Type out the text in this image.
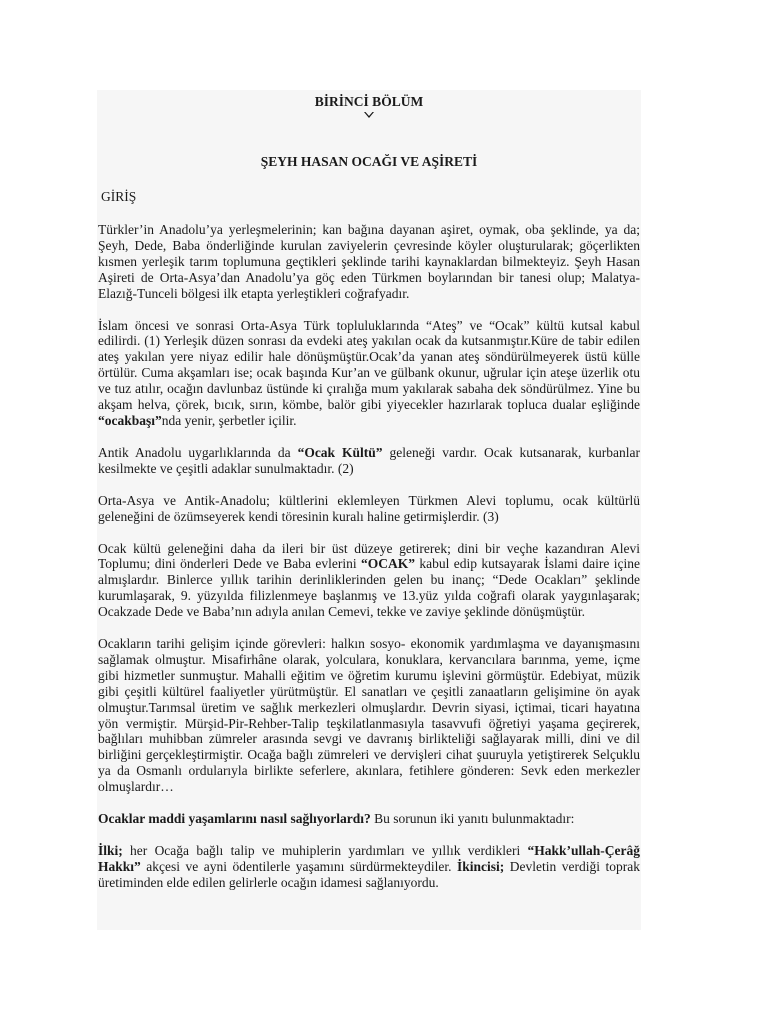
BİRİNCİ BÖLÜM
ŞEYH HASAN OCAĞI VE AŞİRETİ
GİRİŞ

Türkler’in Anadolu’ya yerleşmelerinin; kan bağına dayanan aşiret, oymak, oba şeklinde, ya da; Şeyh, Dede, Baba önderliğinde kurulan zaviyelerin çevresinde köyler oluşturularak; göçerlikten kısmen yerleşik tarım toplumuna geçtikleri şeklinde tarihi kaynaklardan bilmekteyiz. Şeyh Hasan Aşireti de Orta-Asya’dan Anadolu’ya göç eden Türkmen boylarından bir tanesi olup; Malatya-Elazığ-Tunceli bölgesi ilk etapta yerleştikleri coğrafyadır.

İslam öncesi ve sonrasi Orta-Asya Türk topluluklarında “Ateş” ve “Ocak” kültü kutsal kabul edilirdi. (1) Yerleşik düzen sonrası da evdeki ateş yakılan ocak da kutsanmıştır.Küre de tabir edilen ateş yakılan yere niyaz edilir hale dönüşmüştür.Ocak’da yanan ateş söndürülmeyerek üstü külle örtülür. Cuma akşamları ise; ocak başında Kur’an ve gülbank okunur, uğrular için ateşe üzerlik otu ve tuz atılır, ocağın davlunbaz üstünde ki çıralığa mum yakılarak sabaha dek söndürülmez. Yine bu akşam helva, çörek, bıcık, sırın, kömbe, balör gibi yiyecekler hazırlarak topluca dualar eşliğinde “ocakbaşı”nda yenir, şerbetler içilir.

Antik Anadolu uygarlıklarında da “Ocak Kültü” geleneği vardır. Ocak kutsanarak, kurbanlar kesilmekte ve çeşitli adaklar sunulmaktadır. (2)

Orta-Asya ve Antik-Anadolu; kültlerini eklemleyen Türkmen Alevi toplumu, ocak kültürlü geleneğini de özümseyerek kendi töresinin kuralı haline getirmişlerdir. (3)

Ocak kültü geleneğini daha da ileri bir üst düzeye getirerek; dini bir veçhe kazandıran Alevi Toplumu; dini önderleri Dede ve Baba evlerini “OCAK” kabul edip kutsayarak İslami daire içine almışlardır. Binlerce yıllık tarihin derinliklerinden gelen bu inanç; “Dede Ocakları” şeklinde kurumlaşarak, 9. yüzyılda filizlenmeye başlanmış ve 13.yüz yılda coğrafi olarak yaygınlaşarak; Ocakzade Dede ve Baba’nın adıyla anılan Cemevi, tekke ve zaviye şeklinde dönüşmüştür.

Ocakların tarihi gelişim içinde görevleri: halkın sosyo- ekonomik yardımlaşma ve dayanışmasını sağlamak olmuştur. Misafirhâne olarak, yolculara, konuklara, kervancılara barınma, yeme, içme gibi hizmetler sunmuştur. Mahalli eğitim ve öğretim kurumu işlevini görmüştür. Edebiyat, müzik gibi çeşitli kültürel faaliyetler yürütmüştür. El sanatları ve çeşitli zanaatların gelişimine ön ayak olmuştur.Tarımsal üretim ve sağlık merkezleri olmuşlardır. Devrin siyasi, içtimai, ticari hayatına yön vermiştir. Mürşid-Pir-Rehber-Talip teşkilatlanmasıyla tasavvufi öğretiyi yaşama geçirerek, bağlıları muhibban zümreler arasında sevgi ve davranış birlikteliği sağlayarak milli, dini ve dil birliğini gerçekleştirmiştir. Ocağa bağlı zümreleri ve dervişleri cihat şuuruyla yetiştirerek Selçuklu ya da Osmanlı ordularıyla birlikte seferlere, akınlara, fetihlere gönderen: Sevk eden merkezler olmuşlardır…

Ocaklar maddi yaşamlarını nasıl sağlıyorlardı? Bu sorunun iki yanıtı bulunmaktadır:

İlki; her Ocağa bağlı talip ve muhiplerin yardımları ve yıllık verdikleri “Hakk’ullah-Çerâğ Hakkı” akçesi ve ayni ödentilerle yaşamını sürdürmekteydiler. İkincisi; Devletin verdiği toprak üretiminden elde edilen gelirlerle ocağın idamesi sağlanıyordu.
